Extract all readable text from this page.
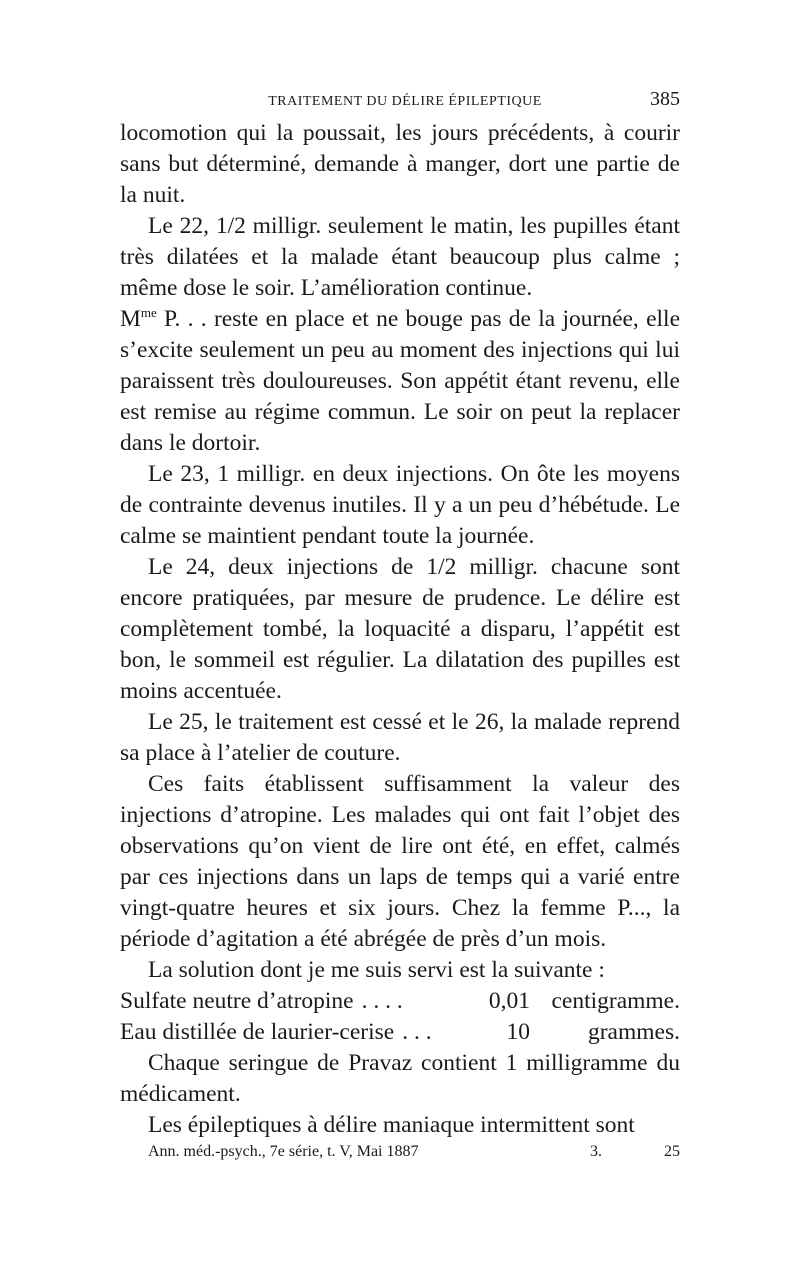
TRAITEMENT DU DÉLIRE ÉPILEPTIQUE	385

locomotion qui la poussait, les jours précédents, à courir sans but déterminé, demande à manger, dort une partie de la nuit.

Le 22, 1/2 milligr. seulement le matin, les pupilles étant très dilatées et la malade étant beaucoup plus calme ; même dose le soir. L’amélioration continue.

$M^{me}$ P. . . reste en place et ne bouge pas de la journée, elle s’excite seulement un peu au moment des injections qui lui paraissent très douloureuses. Son appétit étant revenu, elle est remise au régime commun. Le soir on peut la replacer dans le dortoir.

Le 23, 1 milligr. en deux injections. On ôte les moyens de contrainte devenus inutiles. Il y a un peu d’hébétude. Le calme se maintient pendant toute la journée.

Le 24, deux injections de 1/2 milligr. chacune sont encore pratiquées, par mesure de prudence. Le délire est complètement tombé, la loquacité a disparu, l’appétit est bon, le sommeil est régulier. La dilatation des pupilles est moins accentuée.

Le 25, le traitement est cessé et le 26, la malade reprend sa place à l’atelier de couture.

Ces faits établissent suffisamment la valeur des injections d’atropine. Les malades qui ont fait l’objet des observations qu’on vient de lire ont été, en effet, calmés par ces injections dans un laps de temps qui a varié entre vingt-quatre heures et six jours. Chez la femme P..., la période d’agitation a été abrégée de près d’un mois.

La solution dont je me suis servi est la suivante :

Sulfate neutre d’atropine . . . .	0,01 centigramme.

Eau distillée de laurier-cerise . . .	10	grammes.

Chaque seringue de Pravaz contient 1 milligramme du médicament.

Les épileptiques à délire maniaque intermittent sont

Ann. méd.-psych., 7e série, t. V, Mai 1887	3.	25
